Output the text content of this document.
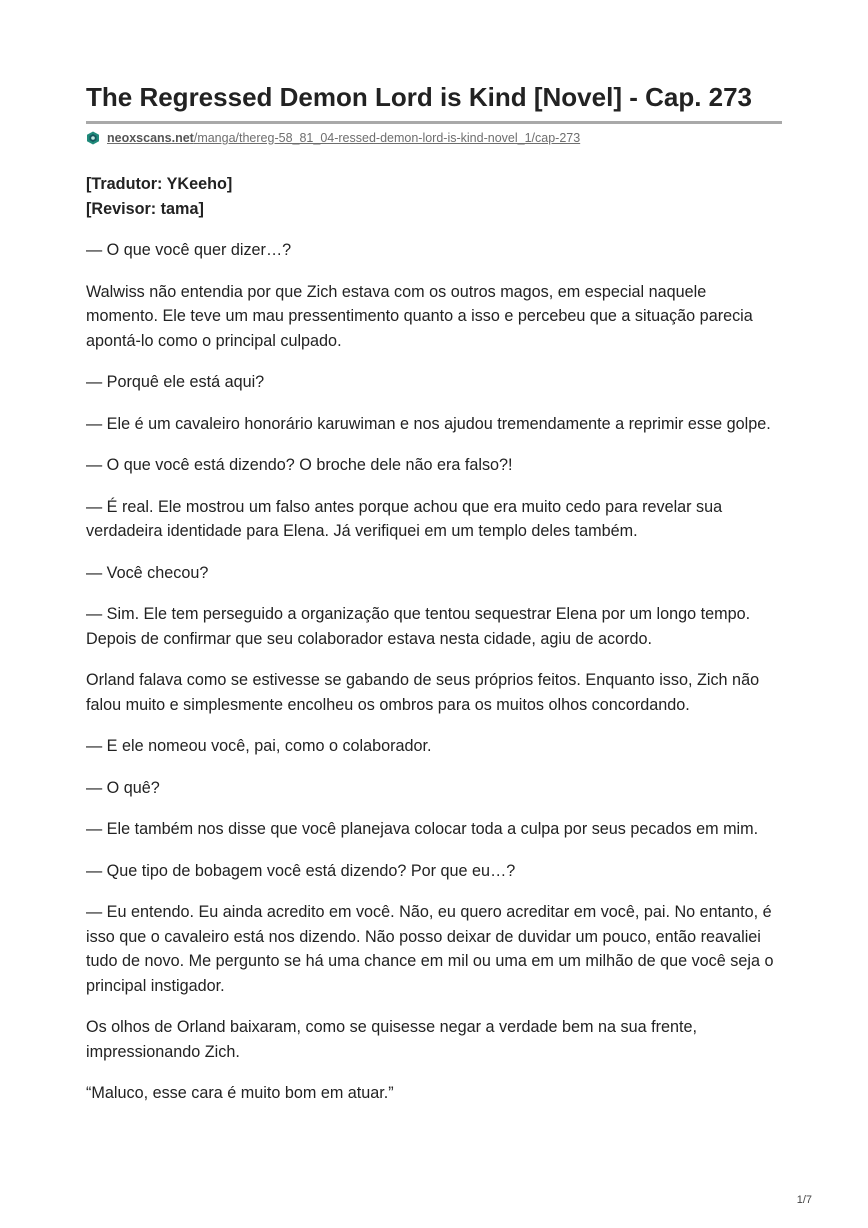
The Regressed Demon Lord is Kind [Novel] - Cap. 273
neoxscans.net/manga/thereg-58_81_04-ressed-demon-lord-is-kind-novel_1/cap-273

[Tradutor: YKeeho]
[Revisor: tama]

— O que você quer dizer…?

Walwiss não entendia por que Zich estava com os outros magos, em especial naquele momento. Ele teve um mau pressentimento quanto a isso e percebeu que a situação parecia apontá-lo como o principal culpado.

— Porquê ele está aqui?

— Ele é um cavaleiro honorário karuwiman e nos ajudou tremendamente a reprimir esse golpe.

— O que você está dizendo? O broche dele não era falso?!

— É real. Ele mostrou um falso antes porque achou que era muito cedo para revelar sua verdadeira identidade para Elena. Já verifiquei em um templo deles também.

— Você checou?

— Sim. Ele tem perseguido a organização que tentou sequestrar Elena por um longo tempo. Depois de confirmar que seu colaborador estava nesta cidade, agiu de acordo.

Orland falava como se estivesse se gabando de seus próprios feitos. Enquanto isso, Zich não falou muito e simplesmente encolheu os ombros para os muitos olhos concordando.

— E ele nomeou você, pai, como o colaborador.

— O quê?

— Ele também nos disse que você planejava colocar toda a culpa por seus pecados em mim.

— Que tipo de bobagem você está dizendo? Por que eu…?

— Eu entendo. Eu ainda acredito em você. Não, eu quero acreditar em você, pai. No entanto, é isso que o cavaleiro está nos dizendo. Não posso deixar de duvidar um pouco, então reavaliei tudo de novo. Me pergunto se há uma chance em mil ou uma em um milhão de que você seja o principal instigador.

Os olhos de Orland baixaram, como se quisesse negar a verdade bem na sua frente, impressionando Zich.

“Maluco, esse cara é muito bom em atuar.”

1/7
